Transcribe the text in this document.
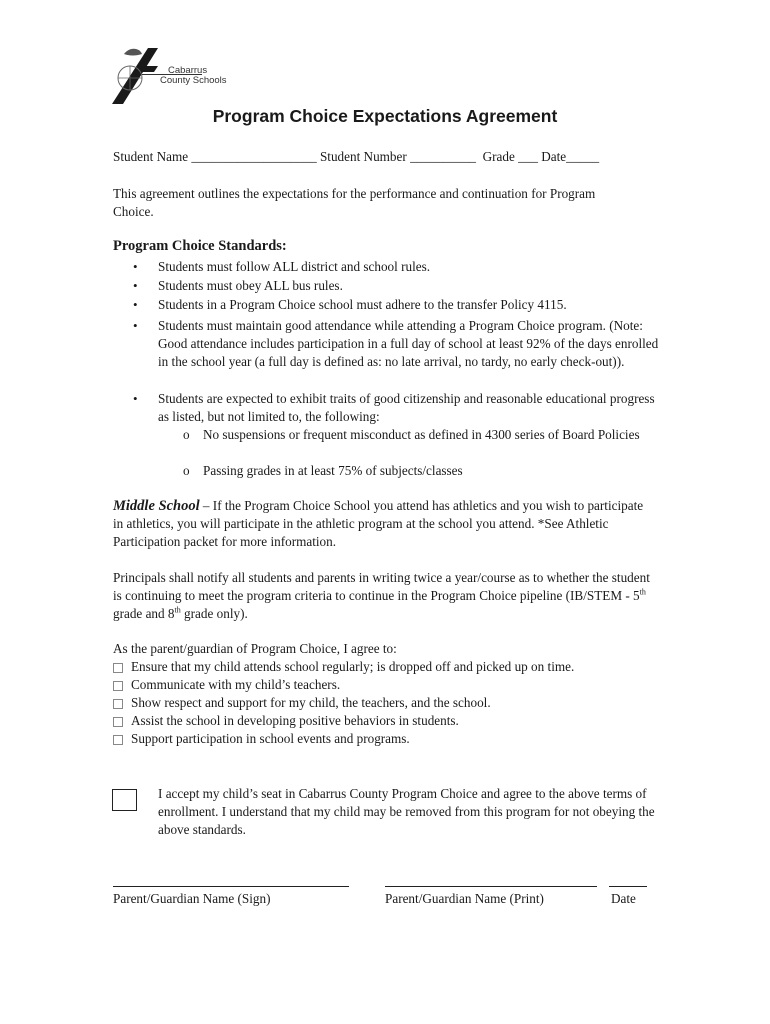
Cabarrus
County Schools
Program Choice Expectations Agreement
Student Name ___________________ Student Number __________ Grade ___ Date_____
This agreement outlines the expectations for the performance and continuation for Program Choice.
Program Choice Standards:
• Students must follow ALL district and school rules.
• Students must obey ALL bus rules.
• Students in a Program Choice school must adhere to the transfer Policy 4115.
• Students must maintain good attendance while attending a Program Choice program. (Note: Good attendance includes participation in a full day of school at least 92% of the days enrolled in the school year (a full day is defined as: no late arrival, no tardy, no early check-out)).
• Students are expected to exhibit traits of good citizenship and reasonable educational progress as listed, but not limited to, the following:
o No suspensions or frequent misconduct as defined in 4300 series of Board Policies
o Passing grades in at least 75% of subjects/classes
Middle School – If the Program Choice School you attend has athletics and you wish to participate in athletics, you will participate in the athletic program at the school you attend. *See Athletic Participation packet for more information.
Principals shall notify all students and parents in writing twice a year/course as to whether the student is continuing to meet the program criteria to continue in the Program Choice pipeline (IB/STEM - 5th grade and 8th grade only).
As the parent/guardian of Program Choice, I agree to:
Ensure that my child attends school regularly; is dropped off and picked up on time.
Communicate with my child’s teachers.
Show respect and support for my child, the teachers, and the school.
Assist the school in developing positive behaviors in students.
Support participation in school events and programs.
I accept my child’s seat in Cabarrus County Program Choice and agree to the above terms of enrollment. I understand that my child may be removed from this program for not obeying the above standards.
Parent/Guardian Name (Sign)	Parent/Guardian Name (Print)	Date
